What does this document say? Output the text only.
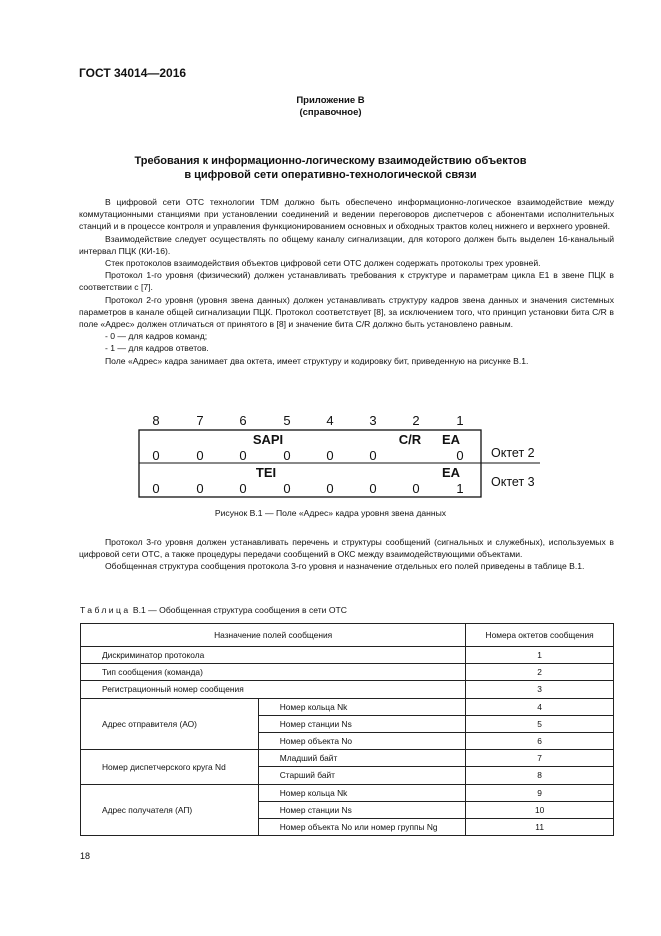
ГОСТ 34014—2016
Приложение В
(справочное)
Требования к информационно-логическому взаимодействию объектов
в цифровой сети оперативно-технологической связи

В цифровой сети ОТС технологии TDM должно быть обеспечено информационно-логическое взаимодействие между коммутационными станциями при установлении соединений и ведении переговоров диспетчеров с абонентами исполнительных станций и в процессе контроля и управления функционированием основных и обходных трактов колец нижнего и верхнего уровней.

Взаимодействие следует осуществлять по общему каналу сигнализации, для которого должен быть выделен 16-канальный интервал ПЦК (КИ-16).

Стек протоколов взаимодействия объектов цифровой сети ОТС должен содержать протоколы трех уровней.

Протокол 1-го уровня (физический) должен устанавливать требования к структуре и параметрам цикла Е1 в звене ПЦК в соответствии с [7].

Протокол 2-го уровня (уровня звена данных) должен устанавливать структуру кадров звена данных и значения системных параметров в канале общей сигнализации ПЦК. Протокол соответствует [8], за исключением того, что принцип установки бита C/R в поле «Адрес» должен отличаться от принятого в [8] и значение бита C/R должно быть установлено равным.

- 0 — для кадров команд;

- 1 — для кадров ответов.

Поле «Адрес» кадра занимает два октета, имеет структуру и кодировку бит, приведенную на рисунке В.1.

8	7	6	5	4	3	2	1
SAPI	C/R EA
0	0	0	0	0	0	0 Октет 2
TEI	EA
0	0	0	0	0	0	0	1 Октет 3
Рисунок В.1 — Поле «Адрес» кадра уровня звена данных

Протокол 3-го уровня должен устанавливать перечень и структуры сообщений (сигнальных и служебных), используемых в цифровой сети ОТС, а также процедуры передачи сообщений в ОКС между взаимодействующими объектами.

Обобщенная структура сообщения протокола 3-го уровня и назначение отдельных его полей приведены в таблице В.1.

Таблица В.1 — Обобщенная структура сообщения в сети ОТС
Назначение полей сообщения		Номера октетов сообщения
Дискриминатор протокола		1
Тип сообщения (команда)		2
Регистрационный номер сообщения		3
Адрес отправителя (АО)	Номер кольца Nk	4
	Номер станции Ns	5
	Номер объекта No	6
Номер диспетчерского круга Nd	Младший байт	7
	Старший байт	8
Адрес получателя (АП)	Номер кольца Nk	9
	Номер станции Ns	10
	Номер объекта No или номер группы Ng	11
18
